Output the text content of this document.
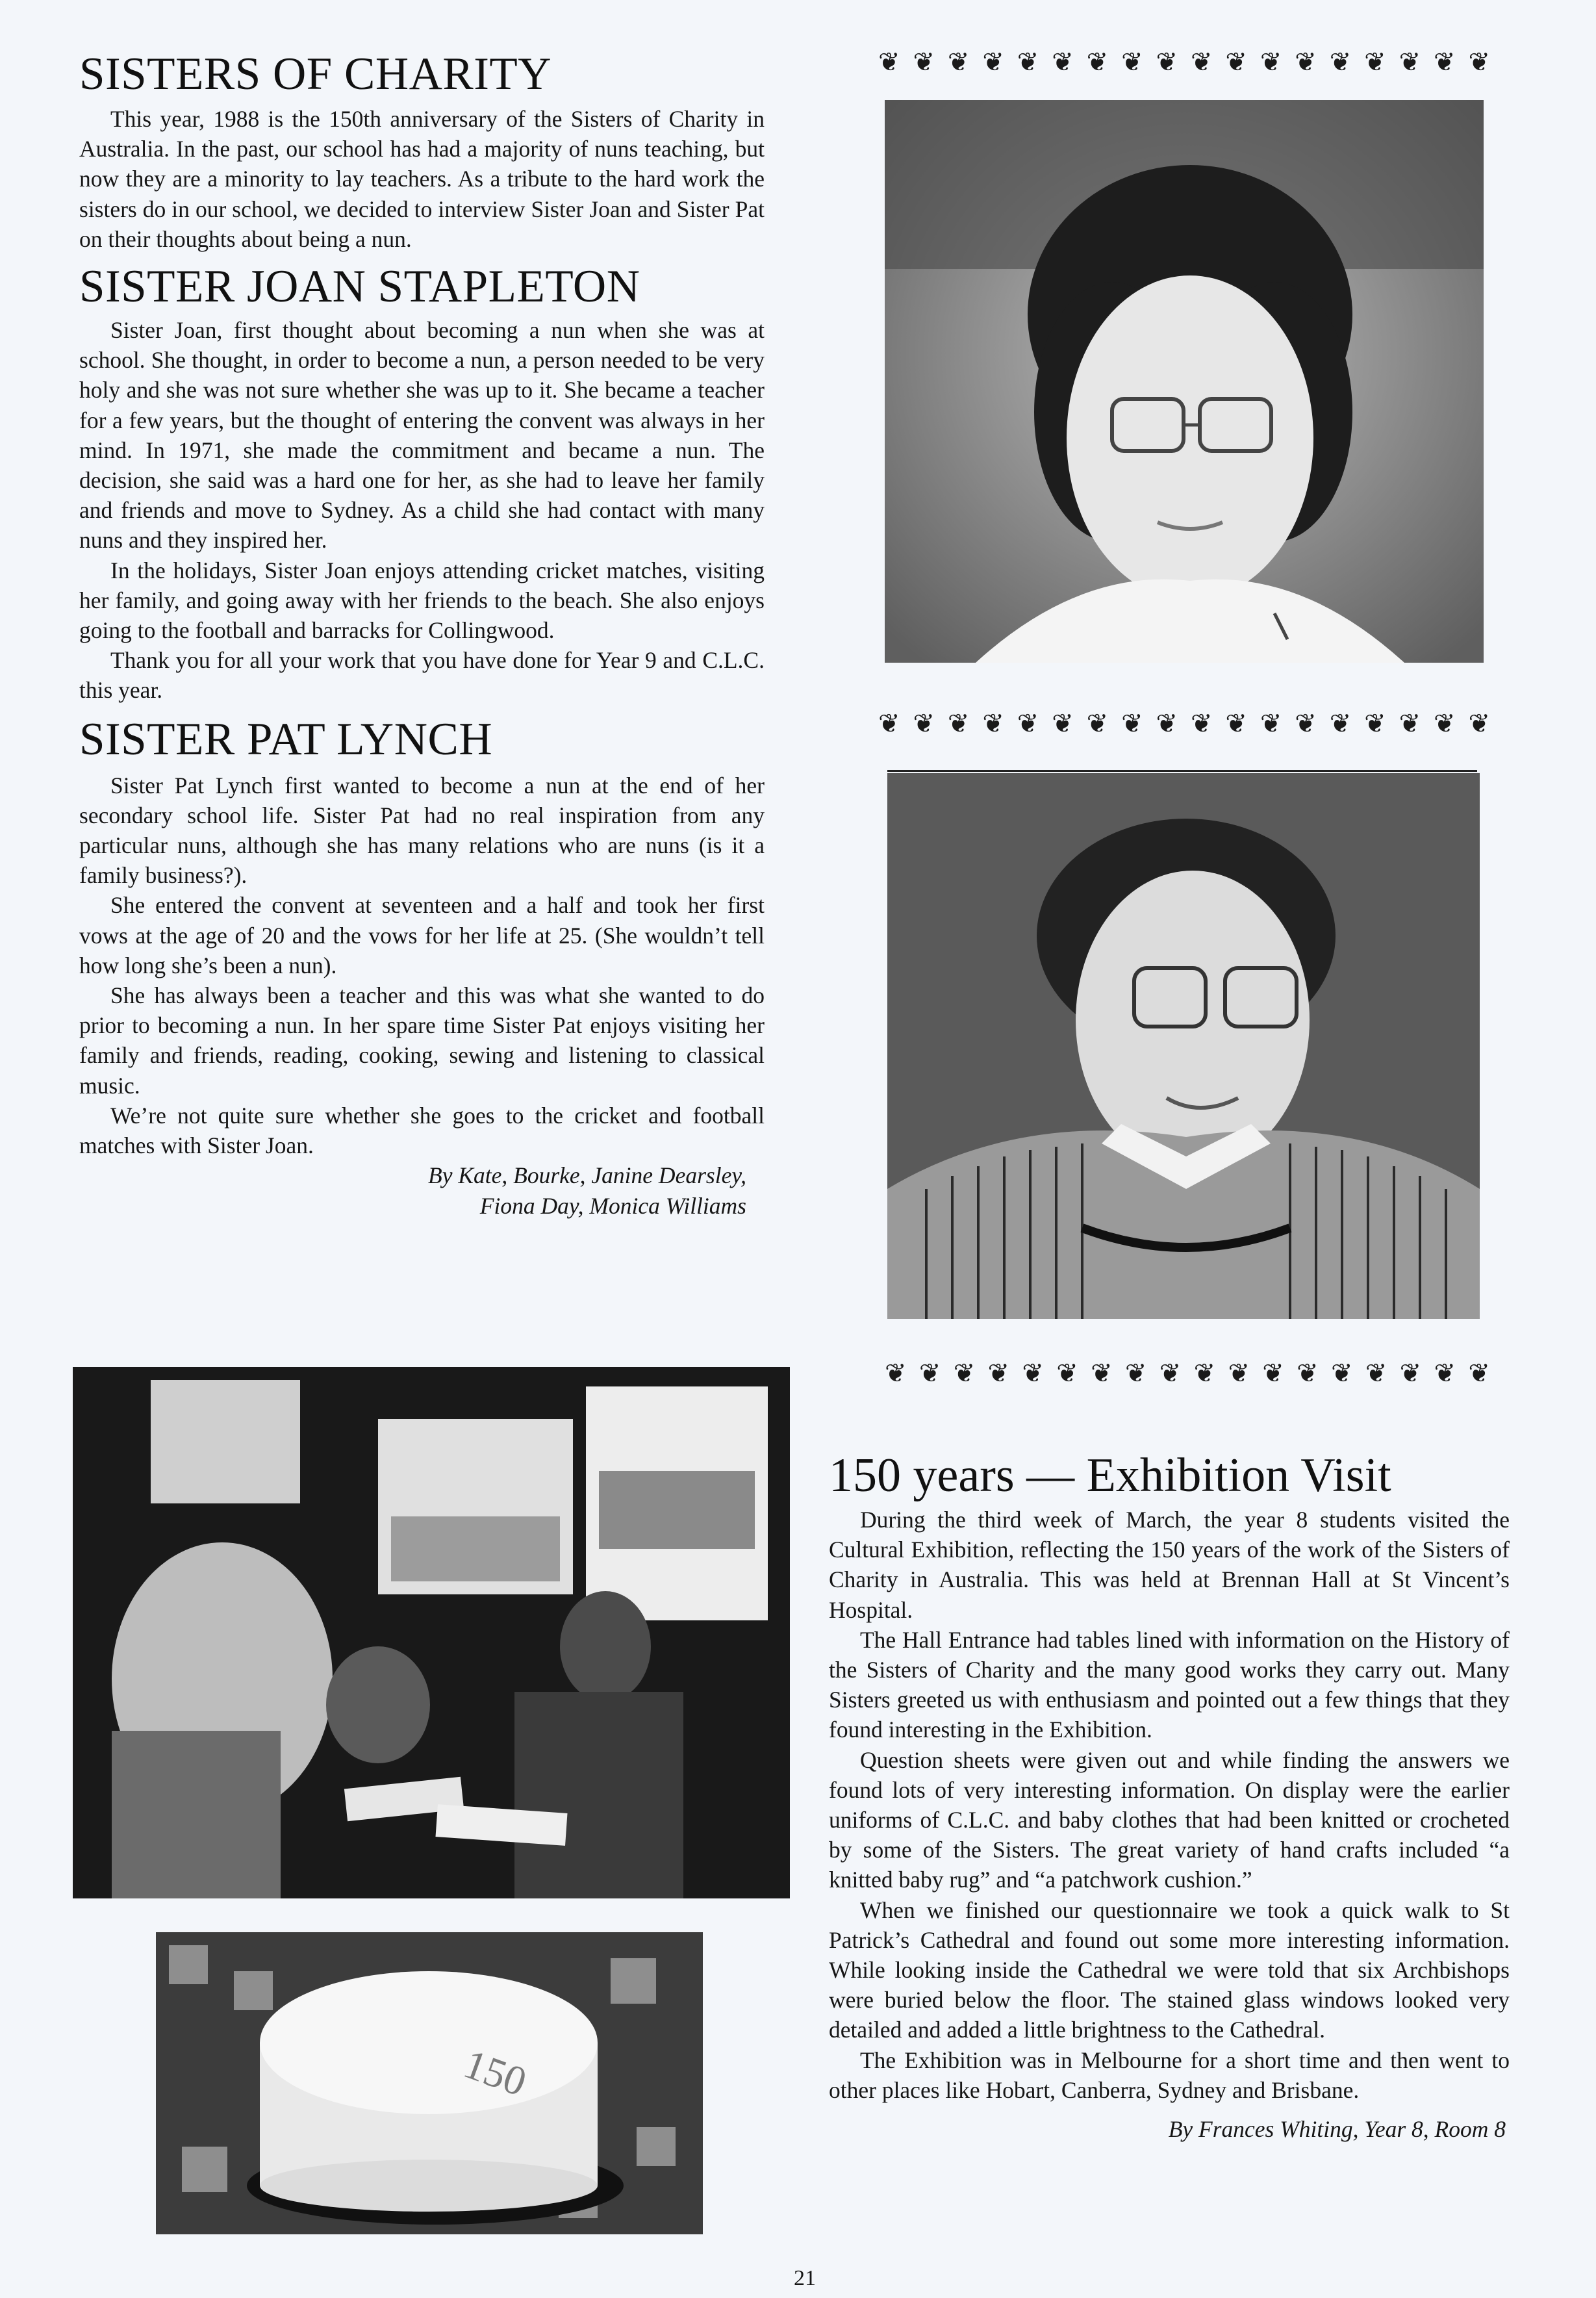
SISTERS OF CHARITY

This year, 1988 is the 150th anniversary of the Sisters of Charity in Australia. In the past, our school has had a majority of nuns teaching, but now they are a minority to lay teachers. As a tribute to the hard work the sisters do in our school, we decided to interview Sister Joan and Sister Pat on their thoughts about being a nun.

SISTER JOAN STAPLETON

Sister Joan, first thought about becoming a nun when she was at school. She thought, in order to become a nun, a person needed to be very holy and she was not sure whether she was up to it. She became a teacher for a few years, but the thought of entering the convent was always in her mind. In 1971, she made the commitment and became a nun. The decision, she said was a hard one for her, as she had to leave her family and friends and move to Sydney. As a child she had contact with many nuns and they inspired her.

In the holidays, Sister Joan enjoys attending cricket matches, visiting her family, and going away with her friends to the beach. She also enjoys going to the football and barracks for Collingwood.

Thank you for all your work that you have done for Year 9 and C.L.C. this year.

SISTER PAT LYNCH

Sister Pat Lynch first wanted to become a nun at the end of her secondary school life. Sister Pat had no real inspiration from any particular nuns, although she has many relations who are nuns (is it a family business?).

She entered the convent at seventeen and a half and took her first vows at the age of 20 and the vows for her life at 25. (She wouldn’t tell how long she’s been a nun).

She has always been a teacher and this was what she wanted to do prior to becoming a nun. In her spare time Sister Pat enjoys visiting her family and friends, reading, cooking, sewing and listening to classical music.

We’re not quite sure whether she goes to the cricket and football matches with Sister Joan.

By Kate, Bourke, Janine Dearsley,

Fiona Day, Monica Williams

❦ ❦ ❦ ❦ ❦ ❦ ❦ ❦ ❦ ❦ ❦ ❦ ❦ ❦ ❦ ❦ ❦ ❦
❦ ❦ ❦ ❦ ❦ ❦ ❦ ❦ ❦ ❦ ❦ ❦ ❦ ❦ ❦ ❦ ❦ ❦
❦ ❦ ❦ ❦ ❦ ❦ ❦ ❦ ❦ ❦ ❦ ❦ ❦ ❦ ❦ ❦ ❦ ❦
150
150 years — Exhibition Visit

During the third week of March, the year 8 students visited the Cultural Exhibition, reflecting the 150 years of the work of the Sisters of Charity in Australia. This was held at Brennan Hall at St Vincent’s Hospital.

The Hall Entrance had tables lined with information on the History of the Sisters of Charity and the many good works they carry out. Many Sisters greeted us with enthusiasm and pointed out a few things that they found interesting in the Exhibition.

Question sheets were given out and while finding the answers we found lots of very interesting information. On display were the earlier uniforms of C.L.C. and baby clothes that had been knitted or crocheted by some of the Sisters. The great variety of hand crafts included “a knitted baby rug” and “a patchwork cushion.”

When we finished our questionnaire we took a quick walk to St Patrick’s Cathedral and found out some more interesting information. While looking inside the Cathedral we were told that six Archbishops were buried below the floor. The stained glass windows looked very detailed and added a little brightness to the Cathedral.

The Exhibition was in Melbourne for a short time and then went to other places like Hobart, Canberra, Sydney and Brisbane.

By Frances Whiting, Year 8, Room 8

21
